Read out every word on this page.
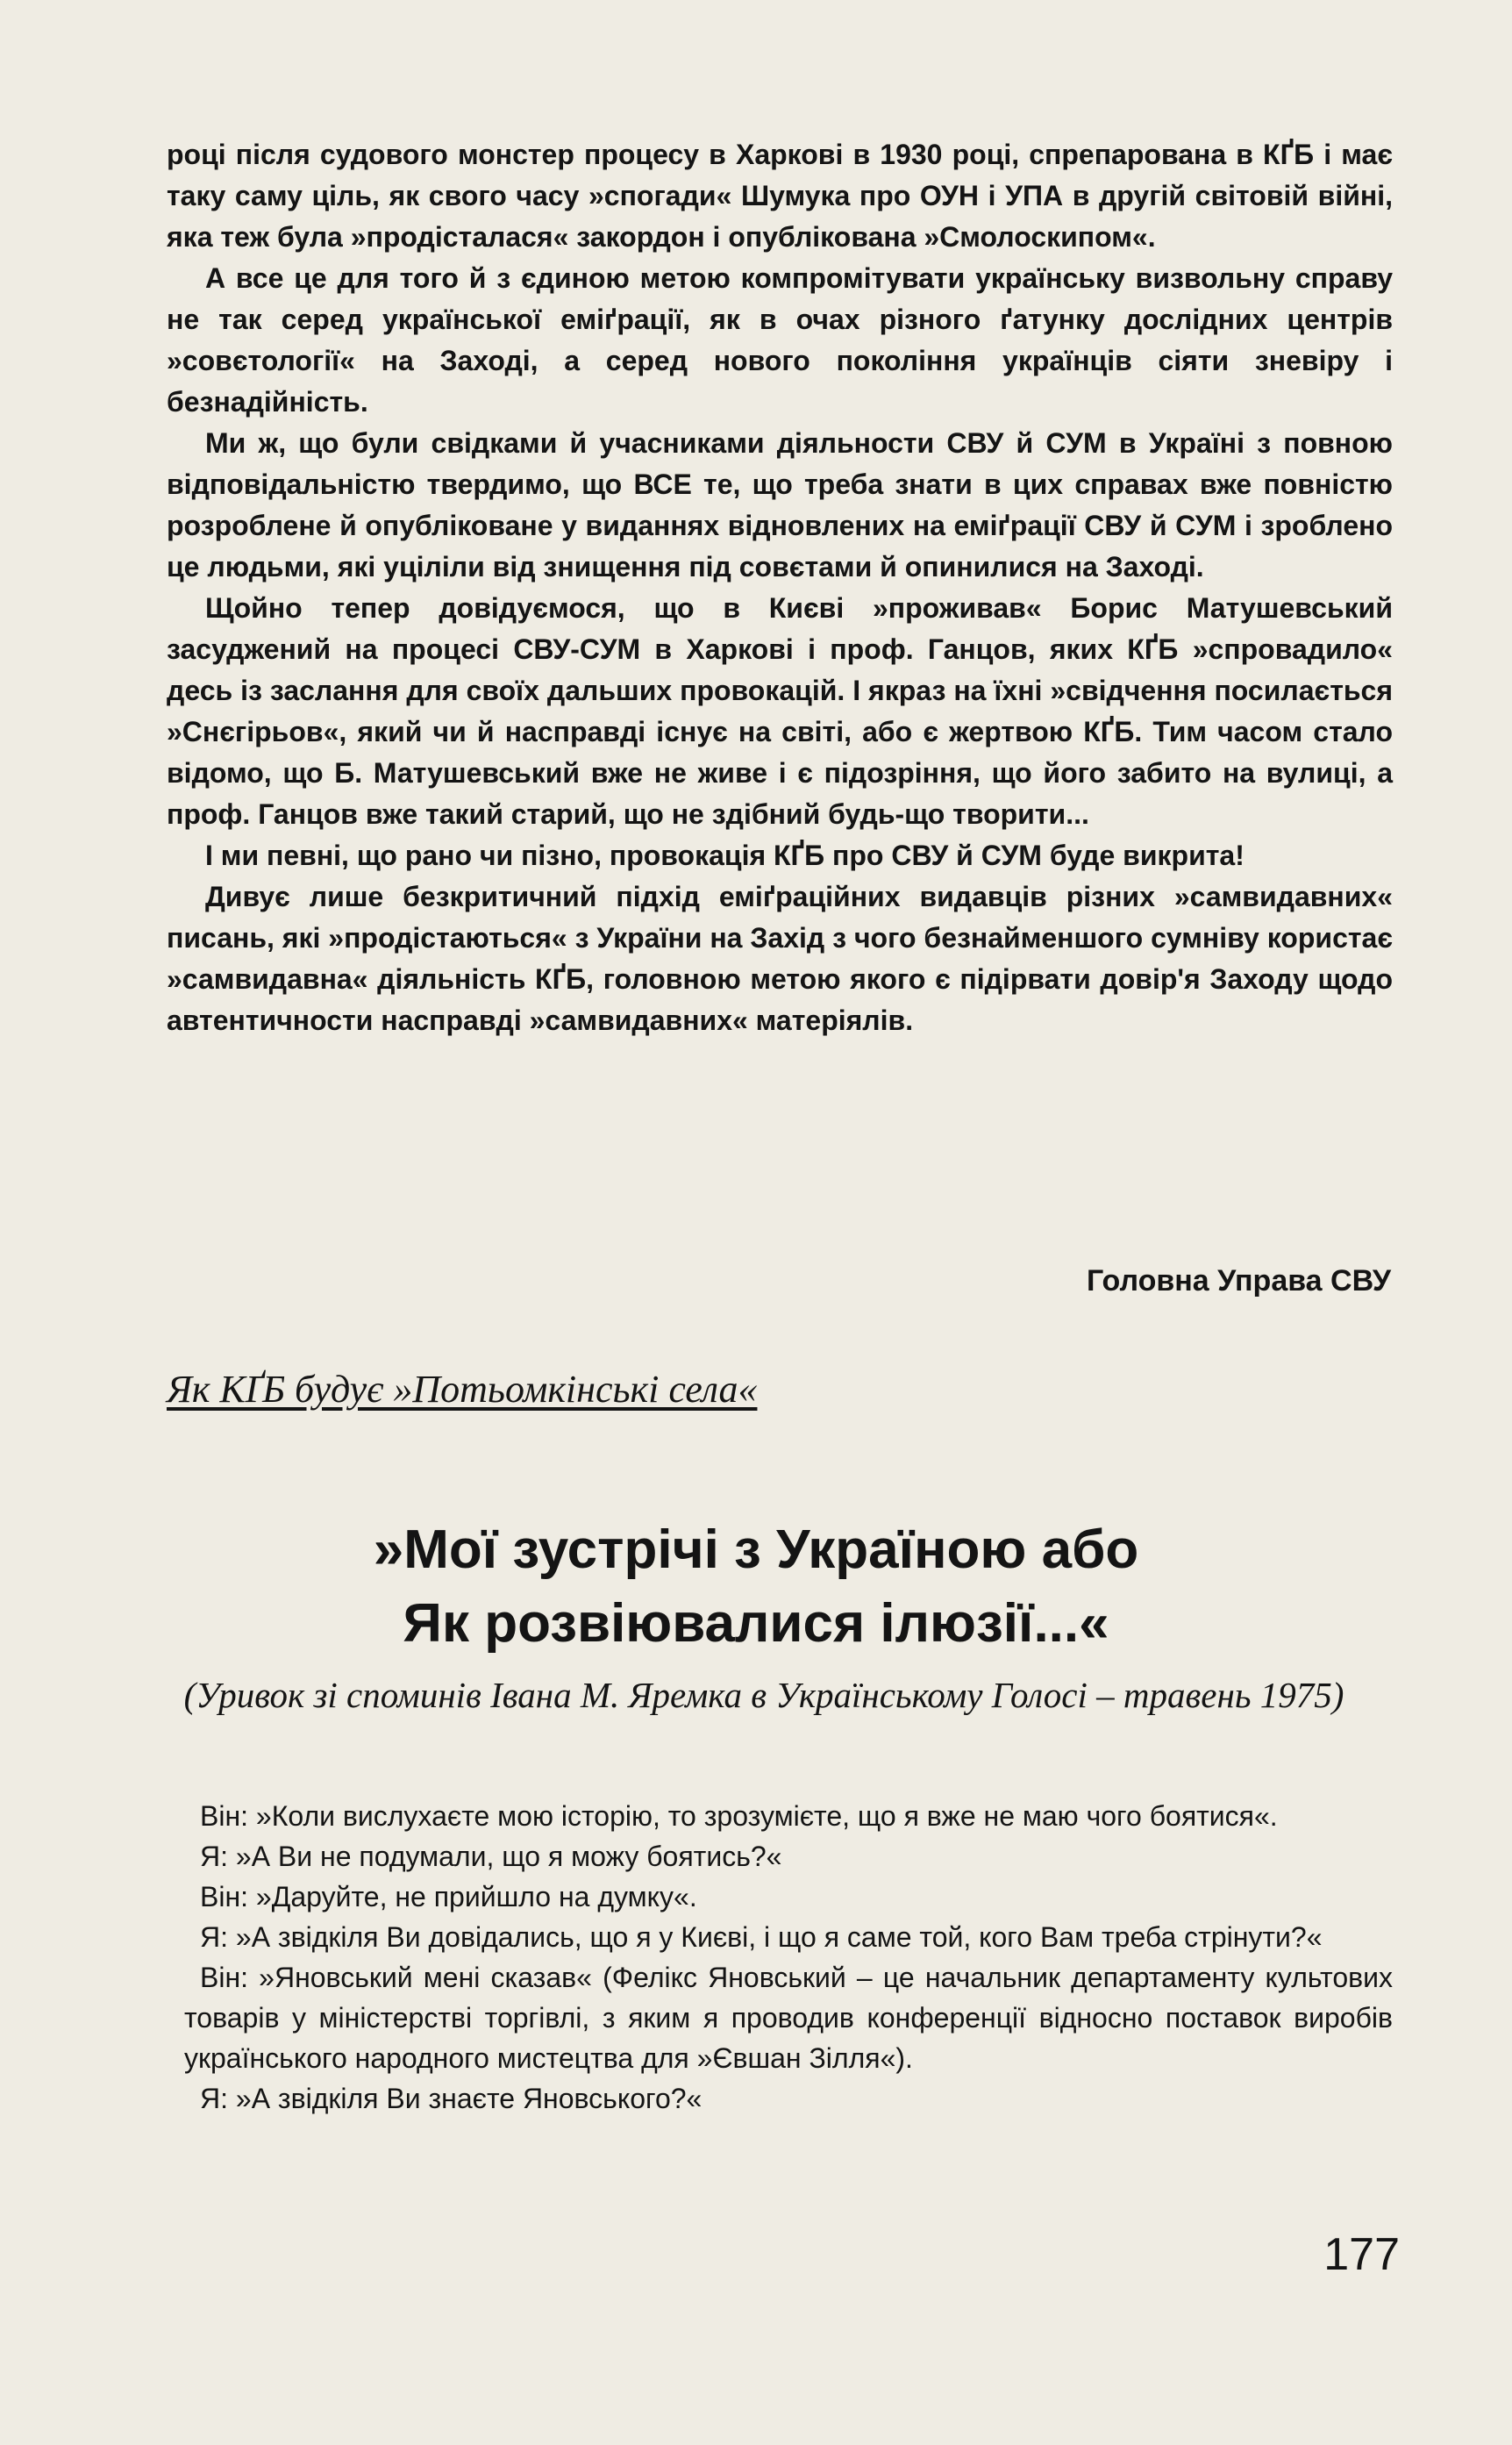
році після судового монстер процесу в Харкові в 1930 році, спрепарована в КҐБ і має таку саму ціль, як свого часу »спогади« Шумука про ОУН і УПА в другій світовій війні, яка теж була »продісталася« закордон і опублікована »Смолоскипом«.

А все це для того й з єдиною метою компромітувати українську визвольну справу не так серед української еміґрації, як в очах різного ґатунку дослідних центрів »совєтології« на Заході, а серед нового покоління українців сіяти зневіру і безнадійність.

Ми ж, що були свідками й учасниками діяльности СВУ й СУМ в Україні з повною відповідальністю твердимо, що ВСЕ те, що треба знати в цих справах вже повністю розроблене й опубліковане у виданнях відновлених на еміґрації СВУ й СУМ і зроблено це людьми, які уціліли від знищення під совєтами й опинилися на Заході.

Щойно тепер довідуємося, що в Києві »проживав« Борис Матушевський засуджений на процесі СВУ-СУМ в Харкові і проф. Ганцов, яких КҐБ »спровадило« десь із заслання для своїх дальших провокацій. І якраз на їхні »свідчення посилається »Снєгірьов«, який чи й насправді існує на світі, або є жертвою КҐБ. Тим часом стало відомо, що Б. Матушевський вже не живе і є підозріння, що його забито на вулиці, а проф. Ганцов вже такий старий, що не здібний будь-що творити...

І ми певні, що рано чи пізно, провокація КҐБ про СВУ й СУМ буде викрита!

Дивує лише безкритичний підхід еміґраційних видавців різних »самвидавних« писань, які »продістаються« з України на Захід з чого безнайменшого сумніву користає »самвидавна« діяльність КҐБ, головною метою якого є підірвати довір'я Заходу щодо автентичности насправді »самвидавних« матеріялів.

Головна Управа СВУ
Як КҐБ будує »Потьомкінські села«
»Мої зустрічі з Україною або
Як розвіювалися ілюзії...«
(Уривок зі споминів Івана М. Яремка в Українському Голосі – травень 1975)

Він: »Коли вислухаєте мою історію, то зрозумієте, що я вже не маю чого боятися«.

Я: »А Ви не подумали, що я можу боятись?«

Він: »Даруйте, не прийшло на думку«.

Я: »А звідкіля Ви довідались, що я у Києві, і що я саме той, кого Вам треба стрінути?«

Він: »Яновський мені сказав« (Фелікс Яновський – це начальник департаменту культових товарів у міністерстві торгівлі, з яким я проводив конференції відносно поставок виробів українського народного мистецтва для »Євшан Зілля«).

Я: »А звідкіля Ви знаєте Яновського?«

177
